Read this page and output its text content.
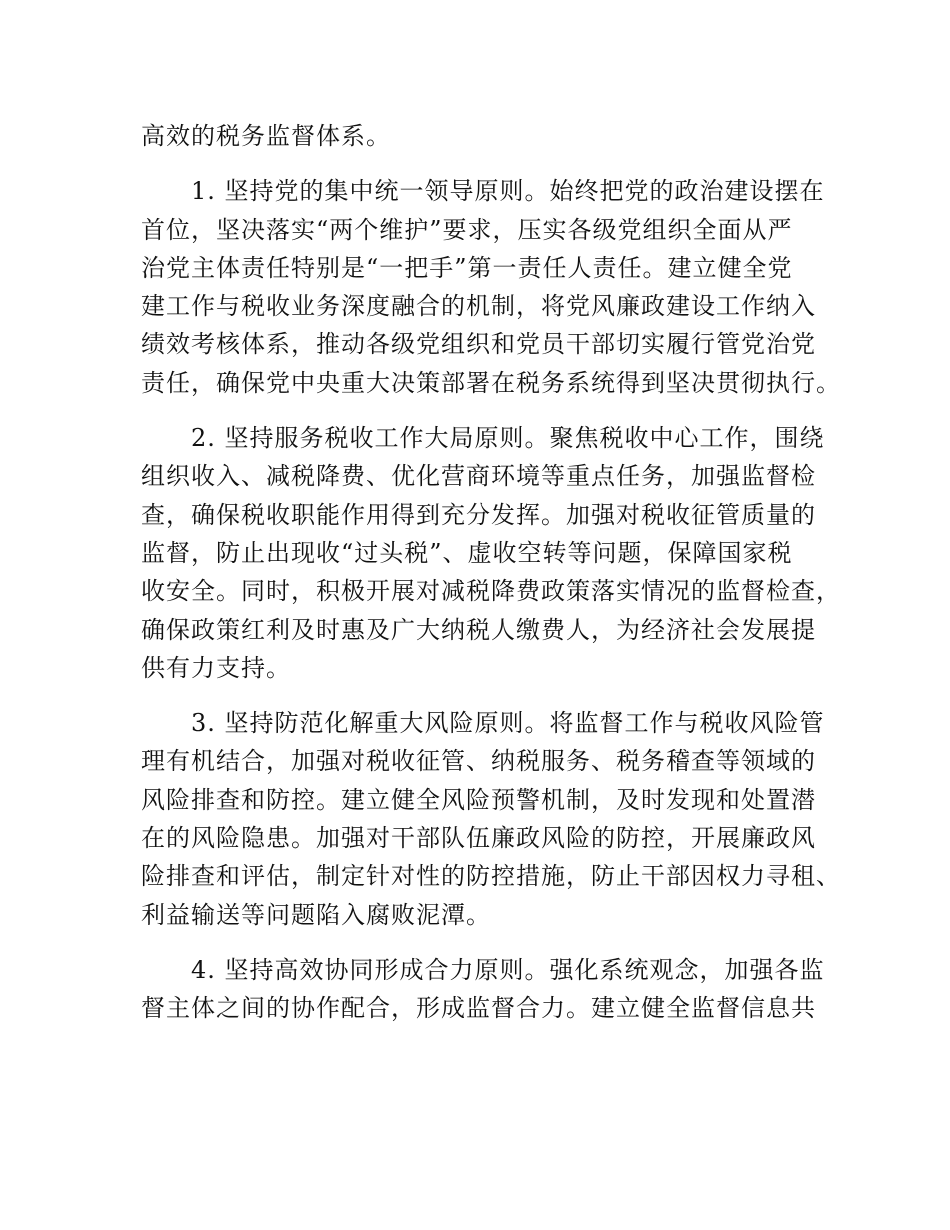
高效的税务监督体系。
1. 坚持党的集中统一领导原则。始终把党的政治建设摆在
首位，坚决落实“两个维护”要求，压实各级党组织全面从严
治党主体责任特别是“一把手”第一责任人责任。建立健全党
建工作与税收业务深度融合的机制，将党风廉政建设工作纳入
绩效考核体系，推动各级党组织和党员干部切实履行管党治党
责任，确保党中央重大决策部署在税务系统得到坚决贯彻执行。
2. 坚持服务税收工作大局原则。聚焦税收中心工作，围绕
组织收入、减税降费、优化营商环境等重点任务，加强监督检
查，确保税收职能作用得到充分发挥。加强对税收征管质量的
监督，防止出现收“过头税”、虚收空转等问题，保障国家税
收安全。同时，积极开展对减税降费政策落实情况的监督检查，
确保政策红利及时惠及广大纳税人缴费人，为经济社会发展提
供有力支持。
3. 坚持防范化解重大风险原则。将监督工作与税收风险管
理有机结合，加强对税收征管、纳税服务、税务稽查等领域的
风险排查和防控。建立健全风险预警机制，及时发现和处置潜
在的风险隐患。加强对干部队伍廉政风险的防控，开展廉政风
险排查和评估，制定针对性的防控措施，防止干部因权力寻租、
利益输送等问题陷入腐败泥潭。
4. 坚持高效协同形成合力原则。强化系统观念，加强各监
督主体之间的协作配合，形成监督合力。建立健全监督信息共
